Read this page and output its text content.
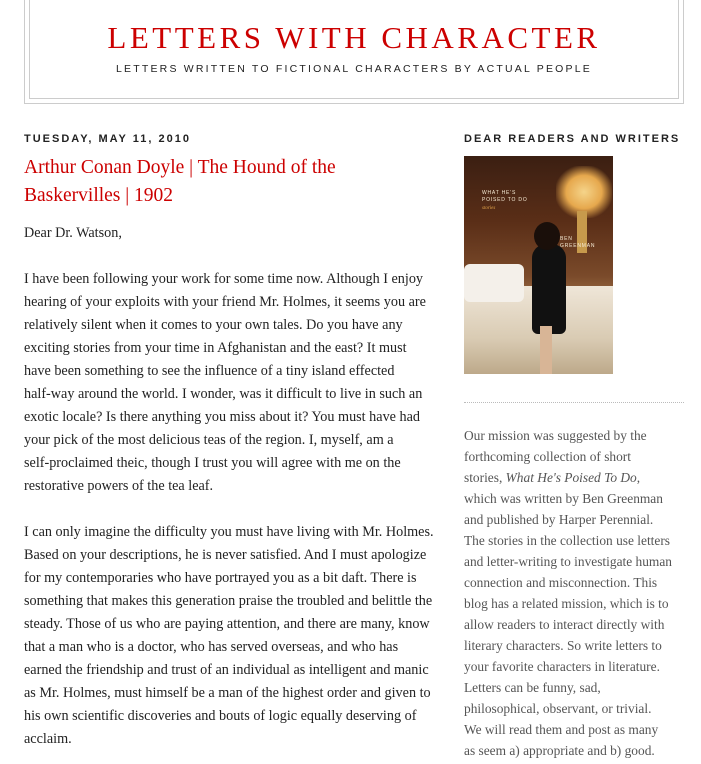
LETTERS WITH CHARACTER

LETTERS WRITTEN TO FICTIONAL CHARACTERS BY ACTUAL PEOPLE

TUESDAY, MAY 11, 2010
Arthur Conan Doyle | The Hound of the
Baskervilles | 1902

Dear Dr. Watson,

I have been following your work for some time now. Although I enjoy
hearing of your exploits with your friend Mr. Holmes, it seems you are
relatively silent when it comes to your own tales. Do you have any
exciting stories from your time in Afghanistan and the east? It must
have been something to see the influence of a tiny island effected
half-way around the world. I wonder, was it difficult to live in such an
exotic locale? Is there anything you miss about it? You must have had
your pick of the most delicious teas of the region. I, myself, am a
self-proclaimed theic, though I trust you will agree with me on the
restorative powers of the tea leaf.

I can only imagine the difficulty you must have living with Mr. Holmes.
Based on your descriptions, he is never satisfied. And I must apologize
for my contemporaries who have portrayed you as a bit daft. There is
something that makes this generation praise the troubled and belittle the
steady. Those of us who are paying attention, and there are many, know
that a man who is a doctor, who has served overseas, and who has
earned the friendship and trust of an individual as intelligent and manic
as Mr. Holmes, must himself be a man of the highest order and given to
his own scientific discoveries and bouts of logic equally deserving of
acclaim.

DEAR READERS AND WRITERS
WHAT HE'S
POISED TO DO
stories
BEN
GREENMAN
Our mission was suggested by the
forthcoming collection of short
stories, What He's Poised To Do,
which was written by Ben Greenman
and published by Harper Perennial.
The stories in the collection use letters
and letter-writing to investigate human
connection and misconnection. This
blog has a related mission, which is to
allow readers to interact directly with
literary characters. So write letters to
your favorite characters in literature.
Letters can be funny, sad,
philosophical, observant, or trivial.
We will read them and post as many
as seem a) appropriate and b) good.
